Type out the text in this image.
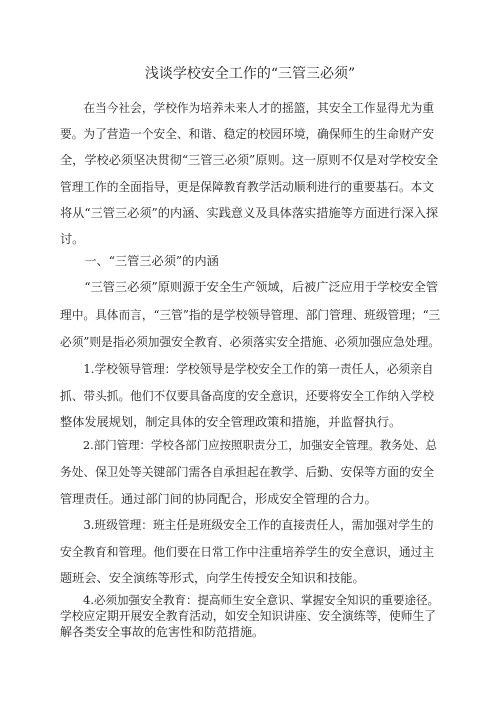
浅谈学校安全工作的“三管三必须”
　　在当今社会，学校作为培养未来人才的摇篮，其安全工作显得尤为重
要。为了营造一个安全、和谐、稳定的校园环境，确保师生的生命财产安
全，学校必须坚决贯彻“三管三必须”原则。这一原则不仅是对学校安全
管理工作的全面指导，更是保障教育教学活动顺利进行的重要基石。本文
将从“三管三必须”的内涵、实践意义及具体落实措施等方面进行深入探
讨。
　　一、“三管三必须”的内涵
　　“三管三必须”原则源于安全生产领域，后被广泛应用于学校安全管
理中。具体而言，“三管”指的是学校领导管理、部门管理、班级管理；“三
必须”则是指必须加强安全教育、必须落实安全措施、必须加强应急处理。
　　1.学校领导管理：学校领导是学校安全工作的第一责任人，必须亲自
抓、带头抓。他们不仅要具备高度的安全意识，还要将安全工作纳入学校
整体发展规划，制定具体的安全管理政策和措施，并监督执行。
　　2.部门管理：学校各部门应按照职责分工，加强安全管理。教务处、总
务处、保卫处等关键部门需各自承担起在教学、后勤、安保等方面的安全
管理责任。通过部门间的协同配合，形成安全管理的合力。
　　3.班级管理：班主任是班级安全工作的直接责任人，需加强对学生的
安全教育和管理。他们要在日常工作中注重培养学生的安全意识，通过主
题班会、安全演练等形式，向学生传授安全知识和技能。
　　4.必须加强安全教育：提高师生安全意识、掌握安全知识的重要途径。
学校应定期开展安全教育活动，如安全知识讲座、安全演练等，使师生了
解各类安全事故的危害性和防范措施。
